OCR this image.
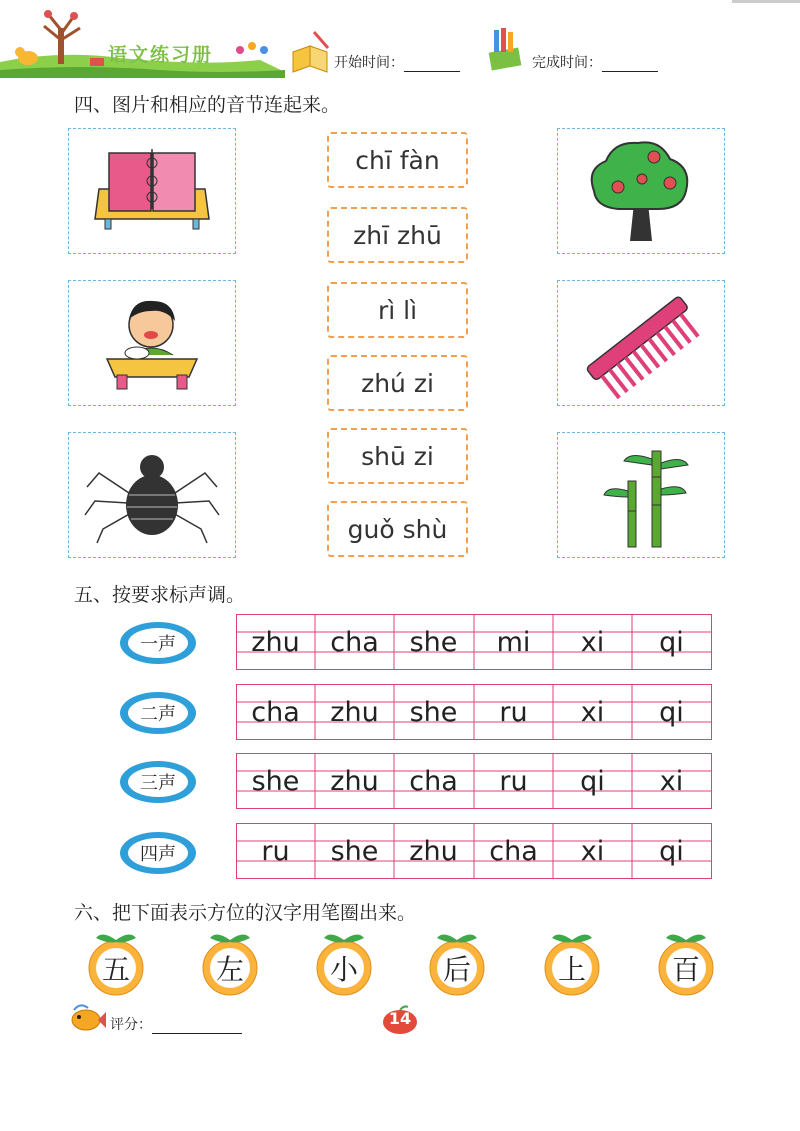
语文练习册	开始时间：	完成时间：
四、图片和相应的音节连起来。
chī fàn
zhī zhū
rì lì
zhú zi
shū zi
guǒ shù
五、按要求标声调。
一声	zhu	cha	she	mi	xi	qi
二声	cha	zhu	she	ru	xi	qi
三声	she	zhu	cha	ru	qi	xi
四声	ru	she	zhu	cha	xi	qi
六、把下面表示方位的汉字用笔圈出来。
五	左	小	后	上	百
评分：	14
